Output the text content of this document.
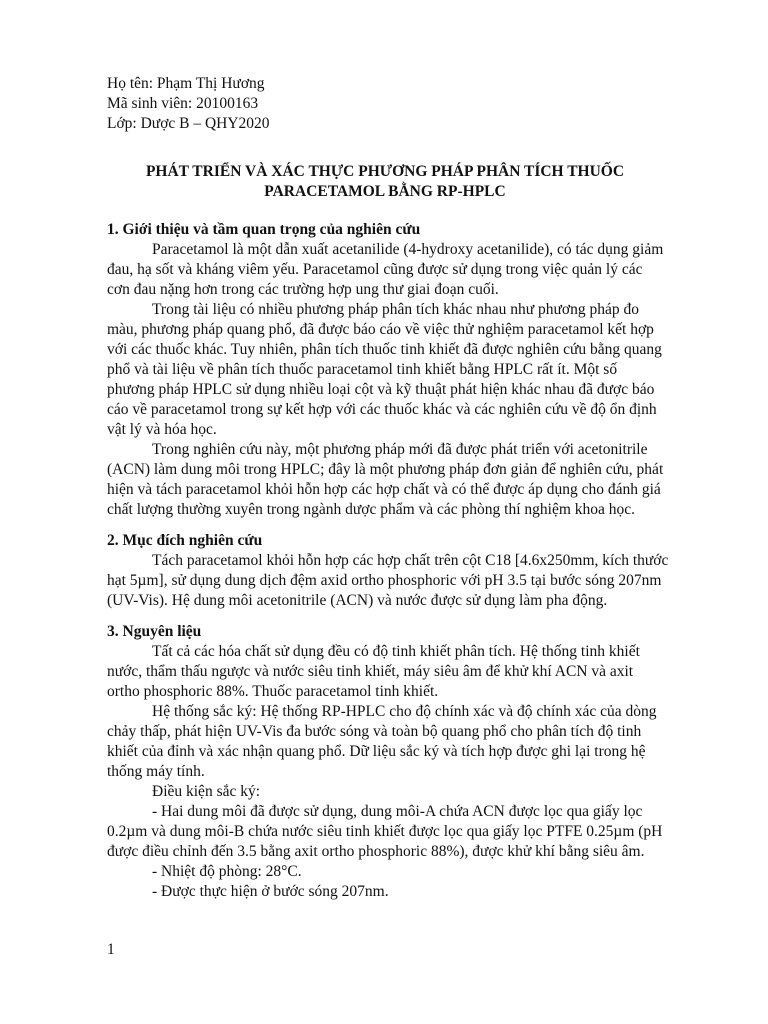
Họ tên: Phạm Thị Hương
Mã sinh viên: 20100163
Lớp: Dược B – QHY2020
PHÁT TRIỂN VÀ XÁC THỰC PHƯƠNG PHÁP PHÂN TÍCH THUỐC
PARACETAMOL BẰNG RP-HPLC
1. Giới thiệu và tầm quan trọng của nghiên cứu
Paracetamol là một dẫn xuất acetanilide (4-hydroxy acetanilide), có tác dụng giảm
đau, hạ sốt và kháng viêm yếu. Paracetamol cũng được sử dụng trong việc quản lý các
cơn đau nặng hơn trong các trường hợp ung thư giai đoạn cuối.
Trong tài liệu có nhiều phương pháp phân tích khác nhau như phương pháp đo
màu, phương pháp quang phổ, đã được báo cáo về việc thử nghiệm paracetamol kết hợp
với các thuốc khác. Tuy nhiên, phân tích thuốc tinh khiết đã được nghiên cứu bằng quang
phổ và tài liệu về phân tích thuốc paracetamol tinh khiết bằng HPLC rất ít. Một số
phương pháp HPLC sử dụng nhiều loại cột và kỹ thuật phát hiện khác nhau đã được báo
cáo về paracetamol trong sự kết hợp với các thuốc khác và các nghiên cứu về độ ổn định
vật lý và hóa học.
Trong nghiên cứu này, một phương pháp mới đã được phát triển với acetonitrile
(ACN) làm dung môi trong HPLC; đây là một phương pháp đơn giản để nghiên cứu, phát
hiện và tách paracetamol khỏi hỗn hợp các hợp chất và có thể được áp dụng cho đánh giá
chất lượng thường xuyên trong ngành dược phẩm và các phòng thí nghiệm khoa học.
2. Mục đích nghiên cứu
Tách paracetamol khỏi hỗn hợp các hợp chất trên cột C18 [4.6x250mm, kích thước
hạt 5µm], sử dụng dung dịch đệm axid ortho phosphoric với pH 3.5 tại bước sóng 207nm
(UV-Vis). Hệ dung môi acetonitrile (ACN) và nước được sử dụng làm pha động.
3. Nguyên liệu
Tất cả các hóa chất sử dụng đều có độ tinh khiết phân tích. Hệ thống tinh khiết
nước, thẩm thấu ngược và nước siêu tinh khiết, máy siêu âm để khử khí ACN và axit
ortho phosphoric 88%. Thuốc paracetamol tinh khiết.
Hệ thống sắc ký: Hệ thống RP-HPLC cho độ chính xác và độ chính xác của dòng
chảy thấp, phát hiện UV-Vis đa bước sóng và toàn bộ quang phổ cho phân tích độ tinh
khiết của đỉnh và xác nhận quang phổ. Dữ liệu sắc ký và tích hợp được ghi lại trong hệ
thống máy tính.
Điều kiện sắc ký:
- Hai dung môi đã được sử dụng, dung môi-A chứa ACN được lọc qua giấy lọc
0.2µm và dung môi-B chứa nước siêu tinh khiết được lọc qua giấy lọc PTFE 0.25µm (pH
được điều chỉnh đến 3.5 bằng axit ortho phosphoric 88%), được khử khí bằng siêu âm.
- Nhiệt độ phòng: 28°C.
- Được thực hiện ở bước sóng 207nm.
1
